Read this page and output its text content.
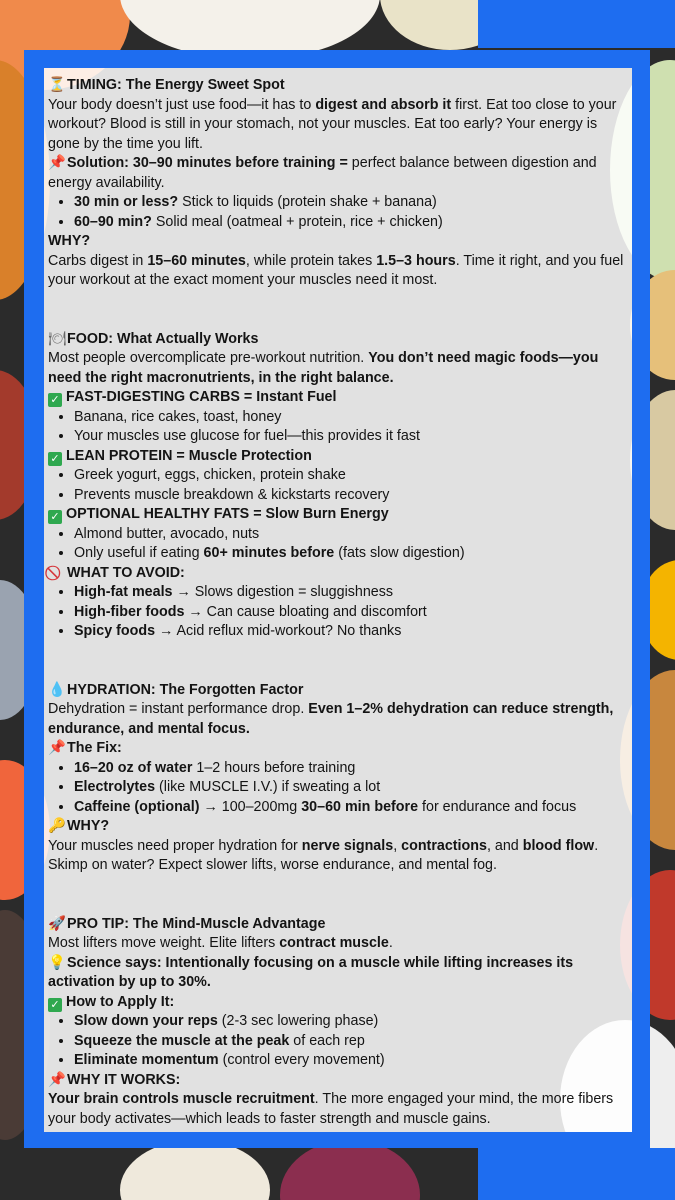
⏳TIMING: The Energy Sweet Spot

Your body doesn’t just use food—it has to digest and absorb it first. Eat too close to your workout? Blood is still in your stomach, not your muscles. Eat too early? Your energy is gone by the time you lift.

📌Solution: 30–90 minutes before training = perfect balance between digestion and energy availability.

• 30 min or less? Stick to liquids (protein shake + banana)
• 60–90 min? Solid meal (oatmeal + protein, rice + chicken)

WHY?

Carbs digest in 15–60 minutes, while protein takes 1.5–3 hours. Time it right, and you fuel your workout at the exact moment your muscles need it most.

🍽FOOD: What Actually Works

Most people overcomplicate pre-workout nutrition. You don’t need magic foods—you need the right macronutrients, in the right balance.

✓ FAST-DIGESTING CARBS = Instant Fuel

• Banana, rice cakes, toast, honey
• Your muscles use glucose for fuel—this provides it fast

✓ LEAN PROTEIN = Muscle Protection

• Greek yogurt, eggs, chicken, protein shake
• Prevents muscle breakdown & kickstarts recovery

✓ OPTIONAL HEALTHY FATS = Slow Burn Energy

• Almond butter, avocado, nuts
• Only useful if eating 60+ minutes before (fats slow digestion)

WHAT TO AVOID:

• High-fat meals → Slows digestion = sluggishness
• High-fiber foods → Can cause bloating and discomfort
• Spicy foods → Acid reflux mid-workout? No thanks

💧HYDRATION: The Forgotten Factor

Dehydration = instant performance drop. Even 1–2% dehydration can reduce strength, endurance, and mental focus.

📌The Fix:

• 16–20 oz of water 1–2 hours before training
• Electrolytes (like MUSCLE I.V.) if sweating a lot
• Caffeine (optional) → 100–200mg 30–60 min before for endurance and focus

🔑WHY?

Your muscles need proper hydration for nerve signals, contractions, and blood flow. Skimp on water? Expect slower lifts, worse endurance, and mental fog.

🚀PRO TIP: The Mind-Muscle Advantage

Most lifters move weight. Elite lifters contract muscle.

💡Science says: Intentionally focusing on a muscle while lifting increases its activation by up to 30%.

✓ How to Apply It:

• Slow down your reps (2-3 sec lowering phase)
• Squeeze the muscle at the peak of each rep
• Eliminate momentum (control every movement)

📌WHY IT WORKS:

Your brain controls muscle recruitment. The more engaged your mind, the more fibers your body activates—which leads to faster strength and muscle gains.
